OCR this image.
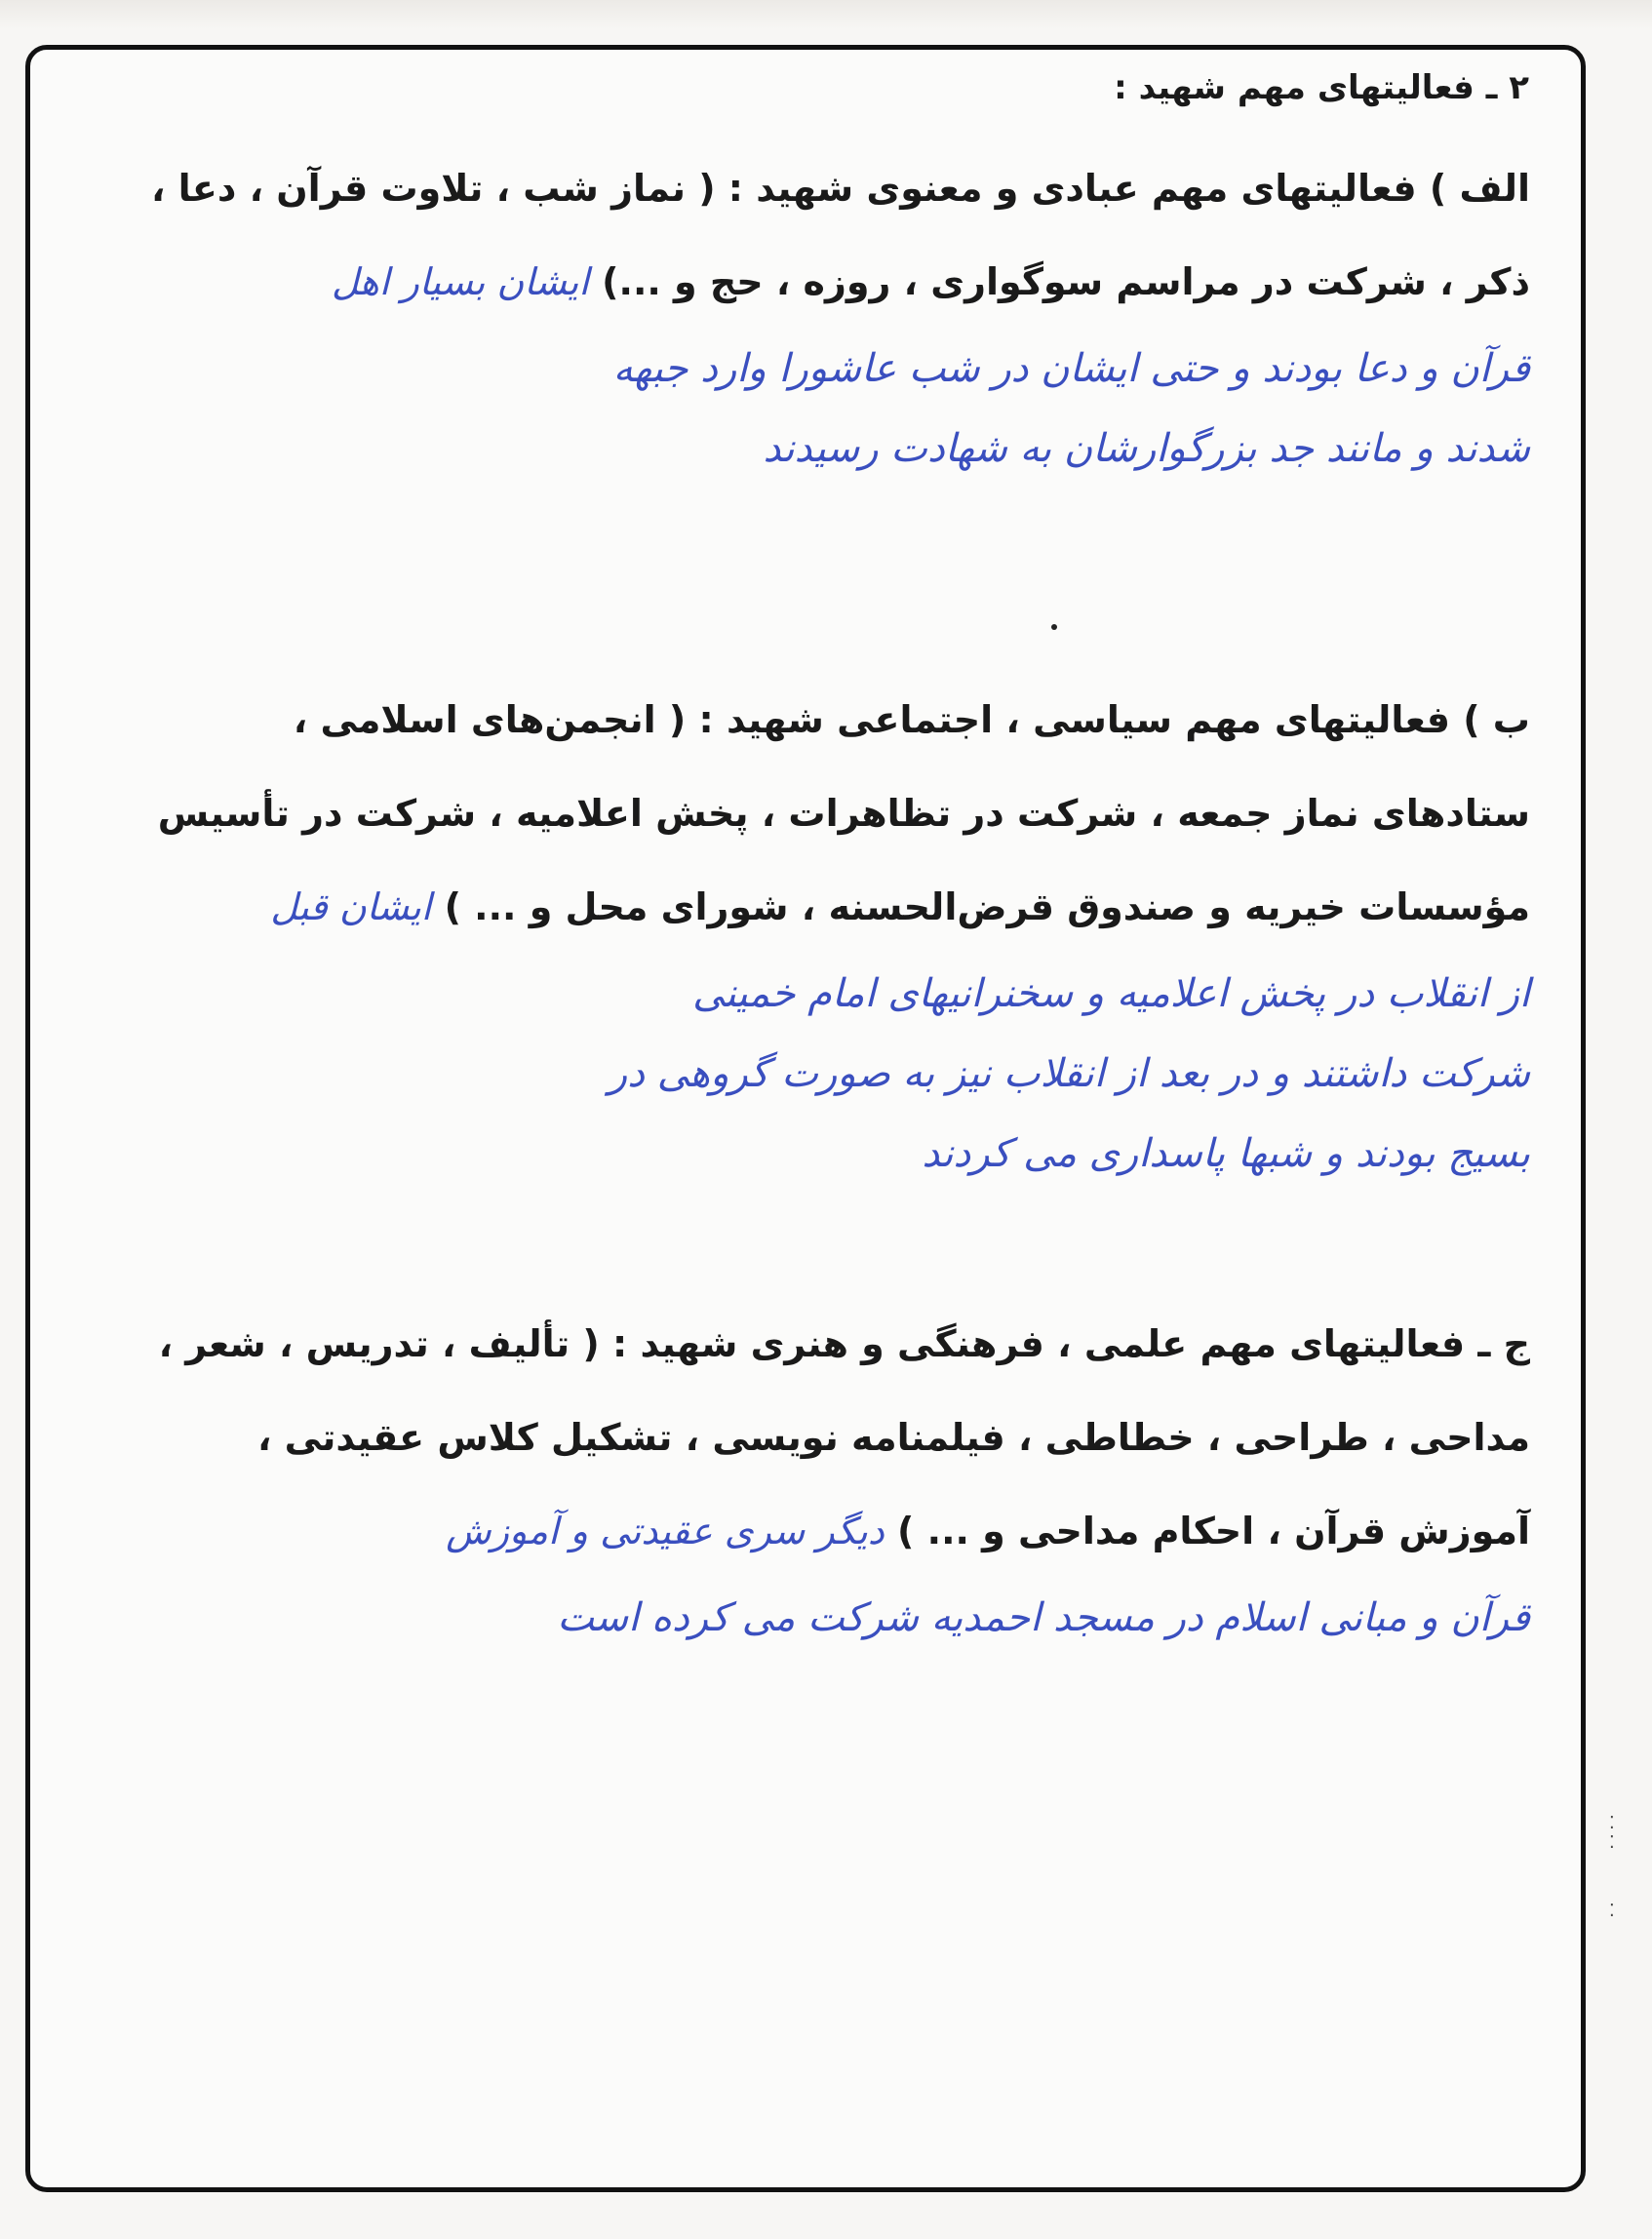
۲ ـ فعالیتهای مهم شهید :
الف ) فعالیتهای مهم عبادی و معنوی شهید : ( نماز شب ، تلاوت قرآن ، دعا ،
ذکر ، شرکت در مراسم سوگواری ، روزه ، حج و ...) ایشان بسیار اهل
قرآن و دعا بودند و حتی ایشان در شب عاشورا وارد جبهه
شدند و مانند جد بزرگوارشان به شهادت رسیدند
ب ) فعالیتهای مهم سیاسی ، اجتماعی شهید : ( انجمن‌های اسلامی ،
ستادهای نماز جمعه ، شرکت در تظاهرات ، پخش اعلامیه ، شرکت در تأسیس
مؤسسات خیریه و صندوق قرض‌الحسنه ، شورای محل و ... ) ایشان قبل
از انقلاب در پخش اعلامیه و سخنرانیهای امام خمینی
شرکت داشتند و در بعد از انقلاب نیز به صورت گروهی در
بسیج بودند و شبها پاسداری می کردند
ج ـ فعالیتهای مهم علمی ، فرهنگی و هنری شهید : ( تألیف ، تدریس ، شعر ،
مداحی ، طراحی ، خطاطی ، فیلمنامه نویسی ، تشکیل کلاس عقیدتی ،
آموزش قرآن ، احکام مداحی و ... ) دیگر سری عقیدتی و آموزش
قرآن و مبانی اسلام در مسجد احمدیه شرکت می کرده است
⁚
⁚
⁚
